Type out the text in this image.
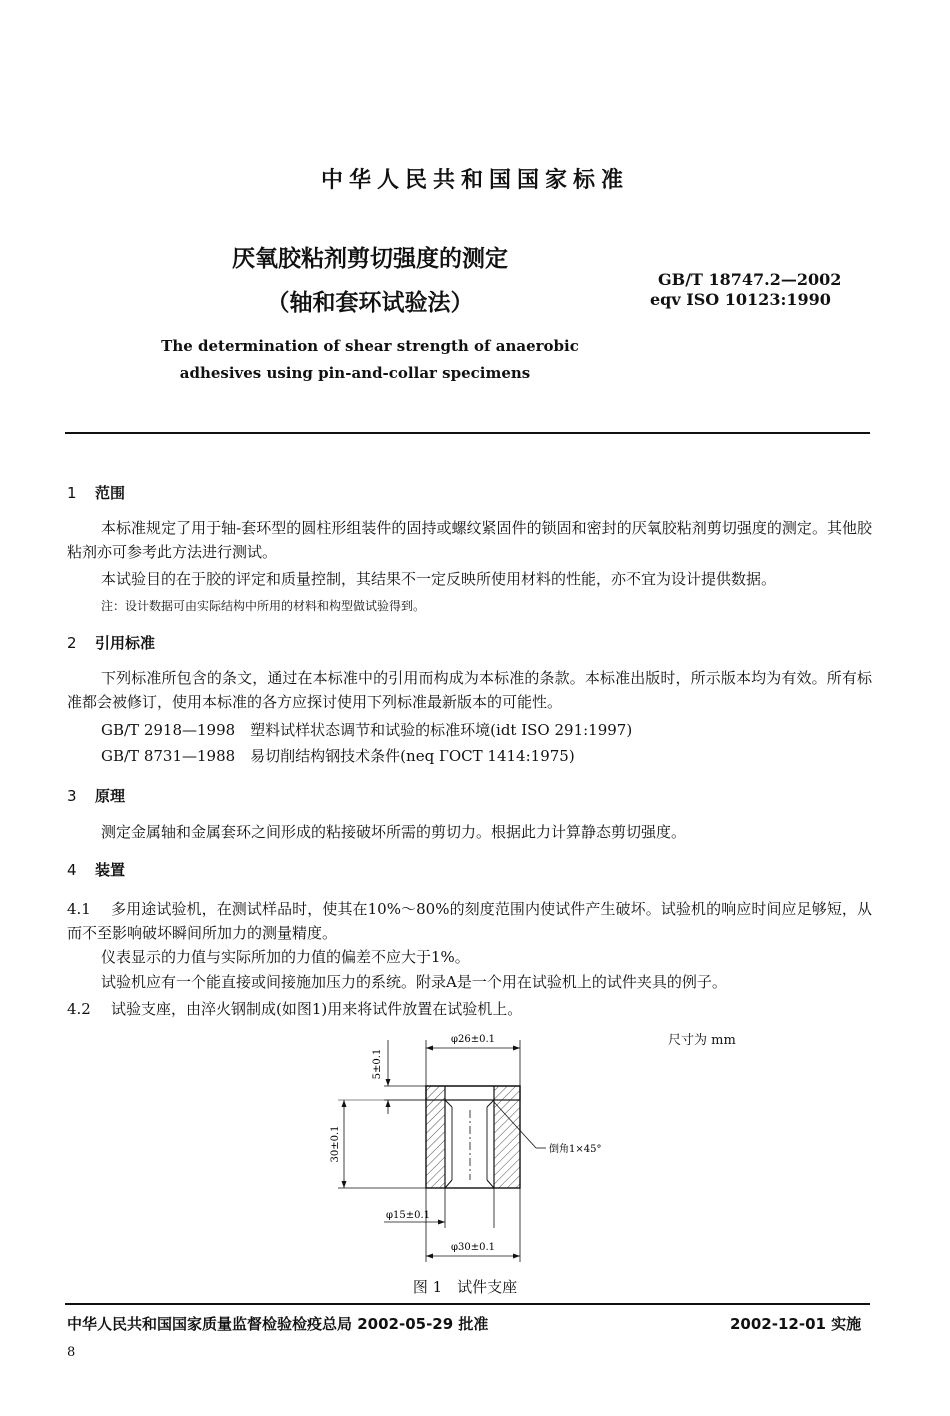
中华人民共和国国家标准
厌氧胶粘剂剪切强度的测定
（轴和套环试验法）
GB/T 18747.2—2002
eqv ISO 10123:1990
The determination of shear strength of anaerobic
adhesives using pin-and-collar specimens
1 范围
本标准规定了用于轴-套环型的圆柱形组装件的固持或螺纹紧固件的锁固和密封的厌氧胶粘剂剪切强度的测定。其他胶粘剂亦可参考此方法进行测试。
本试验目的在于胶的评定和质量控制，其结果不一定反映所使用材料的性能，亦不宜为设计提供数据。
注：设计数据可由实际结构中所用的材料和构型做试验得到。
2 引用标准
下列标准所包含的条文，通过在本标准中的引用而构成为本标准的条款。本标准出版时，所示版本均为有效。所有标准都会被修订，使用本标准的各方应探讨使用下列标准最新版本的可能性。
GB/T 2918—1998　塑料试样状态调节和试验的标准环境(idt ISO 291:1997)
GB/T 8731—1988　易切削结构钢技术条件(neq ГOCT 1414:1975)
3 原理
测定金属轴和金属套环之间形成的粘接破坏所需的剪切力。根据此力计算静态剪切强度。
4 装置
4.1 多用途试验机，在测试样品时，使其在10%～80%的刻度范围内使试件产生破坏。试验机的响应时间应足够短，从而不至影响破坏瞬间所加力的测量精度。
仪表显示的力值与实际所加的力值的偏差不应大于1%。
试验机应有一个能直接或间接施加压力的系统。附录A是一个用在试验机上的试件夹具的例子。
4.2 试验支座，由淬火钢制成(如图1)用来将试件放置在试验机上。
尺寸为 mm
φ26±0.1
5±0.1
30±0.1	倒角1×45°
φ15±0.1
φ30±0.1
图 1　试件支座
中华人民共和国国家质量监督检验检疫总局 2002-05-29 批准	2002-12-01 实施
8
